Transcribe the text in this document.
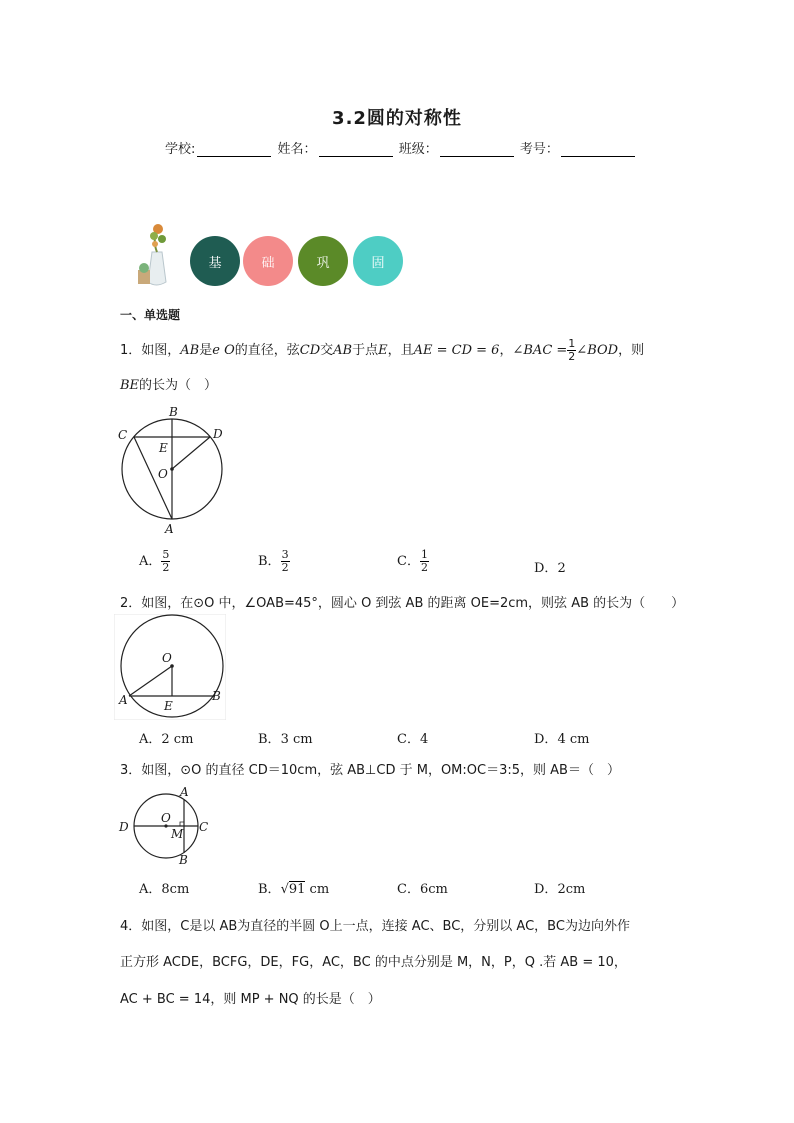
3.2圆的对称性
学校:	姓名：	班级：	考号：
基	础	巩	固
一、单选题
1．如图，AB是e O的直径，弦CD交AB于点E，且AE = CD = 6，∠BAC = $\frac{1}{2}$ ∠BOD，则
BE的长为（　）
B
C	D
E
O
A
A． $\frac{5}{2}$	B． $\frac{3}{2}$	C． $\frac{1}{2}$	D．2
2．如图，在⊙O 中，∠OAB=45°，圆心 O 到弦 AB 的距离 OE=2cm，则弦 AB 的长为（　　）
O
A	B
E
A．2 cm	B．3 cm	C．4	D．4 cm
3．如图，⊙O 的直径 CD＝10cm，弦 AB⊥CD 于 M，OM:OC＝3:5，则 AB＝（　）
A
B
D	C
O
M
A．8cm	B．√91 cm	C．6cm	D．2cm
4．如图，C是以 AB为直径的半圆 O上一点，连接 AC、BC，分别以 AC，BC为边向外作
正方形 ACDE，BCFG，DE，FG，AC，BC 的中点分别是 M，N，P，Q .若 AB = 10，
AC + BC = 14，则 MP + NQ 的长是（　）
